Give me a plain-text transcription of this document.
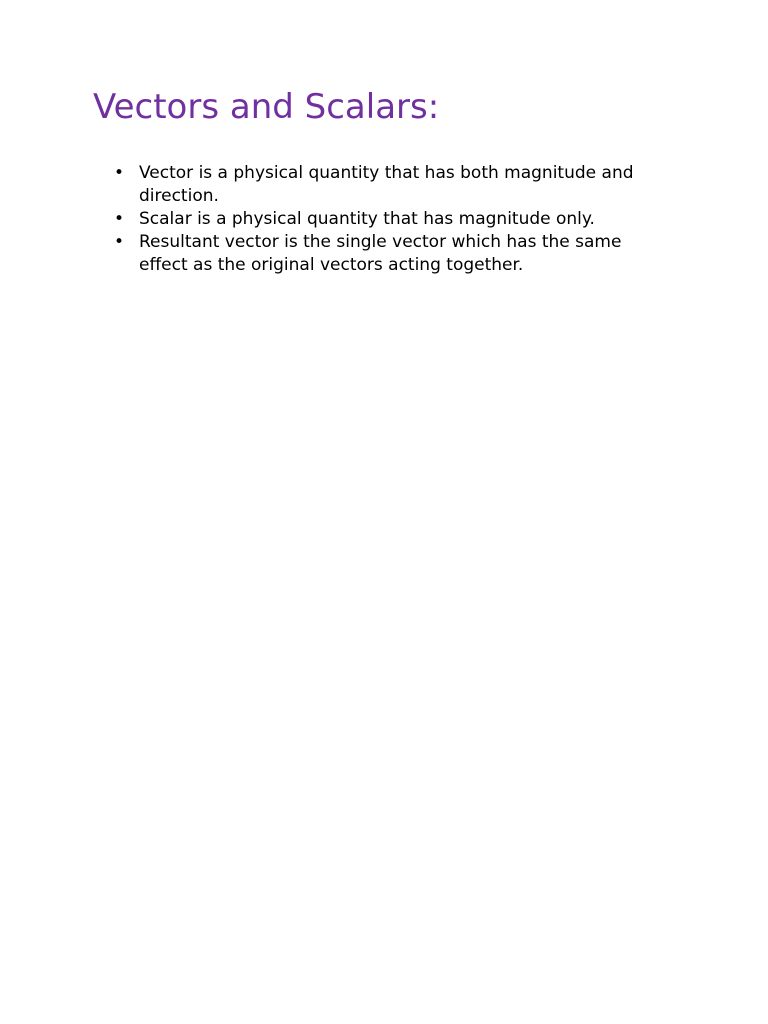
Vectors and Scalars:
• Vector is a physical quantity that has both magnitude and direction.
• Scalar is a physical quantity that has magnitude only.
• Resultant vector is the single vector which has the same effect as the original vectors acting together.
